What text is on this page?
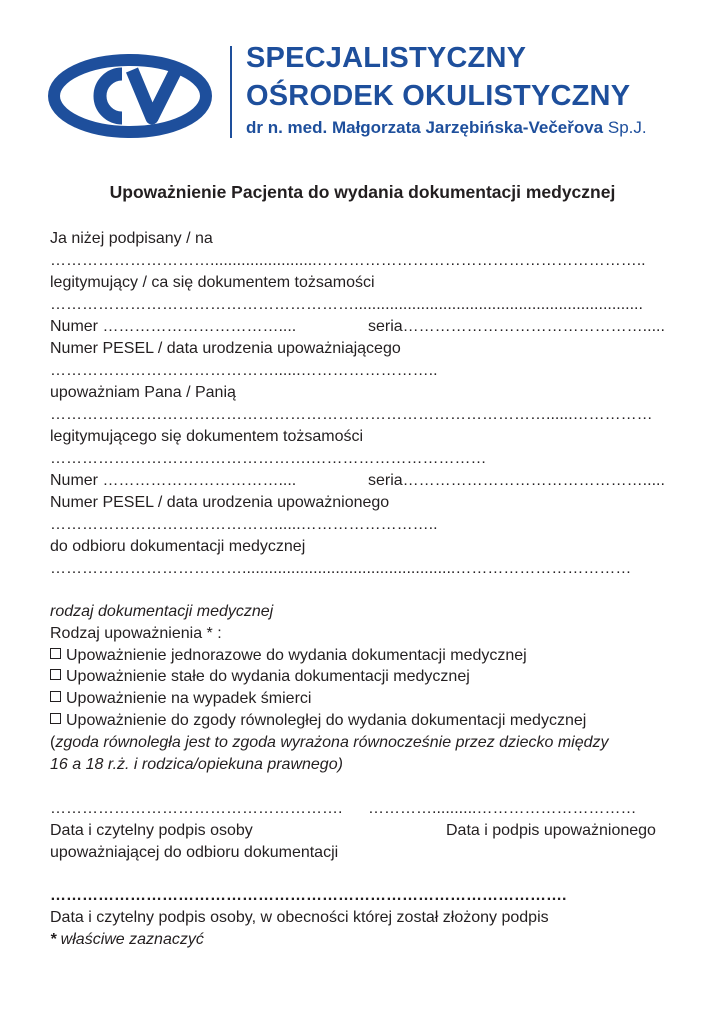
SPECJALISTYCZNY
OŚRODEK OKULISTYCZNY
dr n. med. Małgorzata Jarzębińska-Večeřova Sp.J.
Upoważnienie Pacjenta do wydania dokumentacji medycznej
Ja niżej podpisany / na
…………………………........................……………………………………………………..
legitymujący / ca się dokumentem tożsamości
………………………………………………….................................................................
Numer ……………………………....	seria……………………………………….....
Numer PESEL / data urodzenia upoważniającego
……………………………………......……………………..
upoważniam Pana / Panią
…………………………………………………………………………………......……………
legitymującego się dokumentem tożsamości
………………………………………….……………………………
Numer ……………………………....	seria……………………………………….....
Numer PESEL / data urodzenia upoważnionego
……………………………………......……………………..
do odbioru dokumentacji medycznej
………………………………................................................……………………………
rodzaj dokumentacji medycznej
Rodzaj upoważnienia * :
Upoważnienie jednorazowe do wydania dokumentacji medycznej
Upoważnienie stałe do wydania dokumentacji medycznej
Upoważnienie na wypadek śmierci
Upoważnienie do zgody równoległej do wydania dokumentacji medycznej
(zgoda równoległa jest to zgoda wyrażona równocześnie przez dziecko między
16 a 18 r.ż. i rodzica/opiekuna prawnego)
………………………………………………. …………..........…………………………
Data i czytelny podpis osoby	Data i podpis upoważnionego
upoważniającej do odbioru dokumentacji
…………………………………………………………………………………….
Data i czytelny podpis osoby, w obecności której został złożony podpis
* właściwe zaznaczyć
